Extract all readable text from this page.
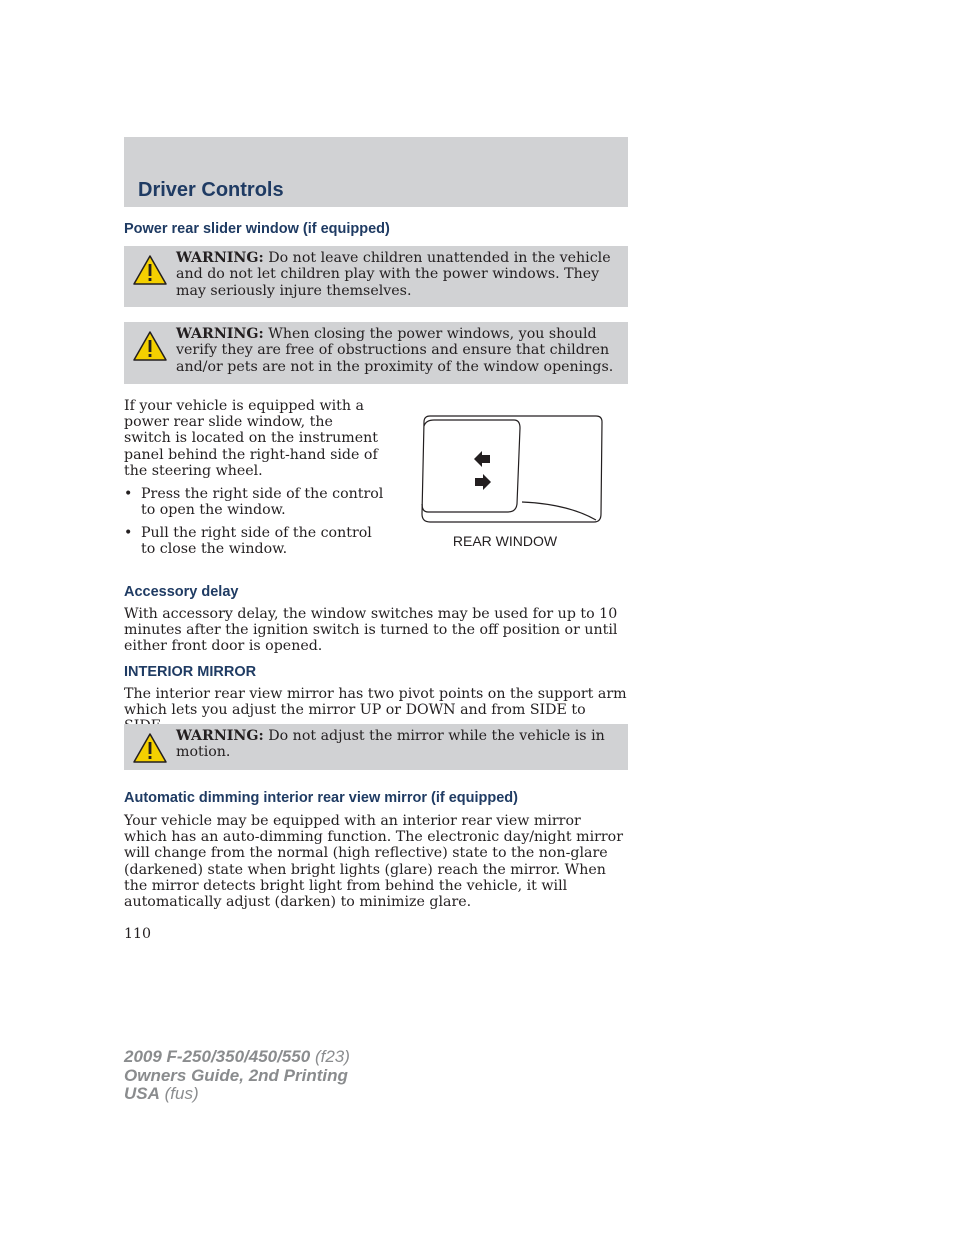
Driver Controls
Power rear slider window (if equipped)
WARNING: Do not leave children unattended in the vehicle and do not let children play with the power windows. They may seriously injure themselves.
WARNING: When closing the power windows, you should verify they are free of obstructions and ensure that children and/or pets are not in the proximity of the window openings.
If your vehicle is equipped with a power rear slide window, the switch is located on the instrument panel behind the right-hand side of the steering wheel.
• Press the right side of the control to open the window.
• Pull the right side of the control to close the window.
REAR WINDOW
Accessory delay

With accessory delay, the window switches may be used for up to 10 minutes after the ignition switch is turned to the off position or until either front door is opened.

INTERIOR MIRROR

The interior rear view mirror has two pivot points on the support arm which lets you adjust the mirror UP or DOWN and from SIDE to

WARNING: Do not adjust the mirror while the vehicle is in motion.
Automatic dimming interior rear view mirror (if equipped)

Your vehicle may be equipped with an interior rear view mirror which has an auto-dimming function. The electronic day/night mirror will change from the normal (high reflective) state to the non-glare (darkened) state when bright lights (glare) reach the mirror. When the mirror detects bright light from behind the vehicle, it will automatically adjust (darken) to minimize glare.

110
2009 F-250/350/450/550 (f23)
Owners Guide, 2nd Printing
USA (fus)
